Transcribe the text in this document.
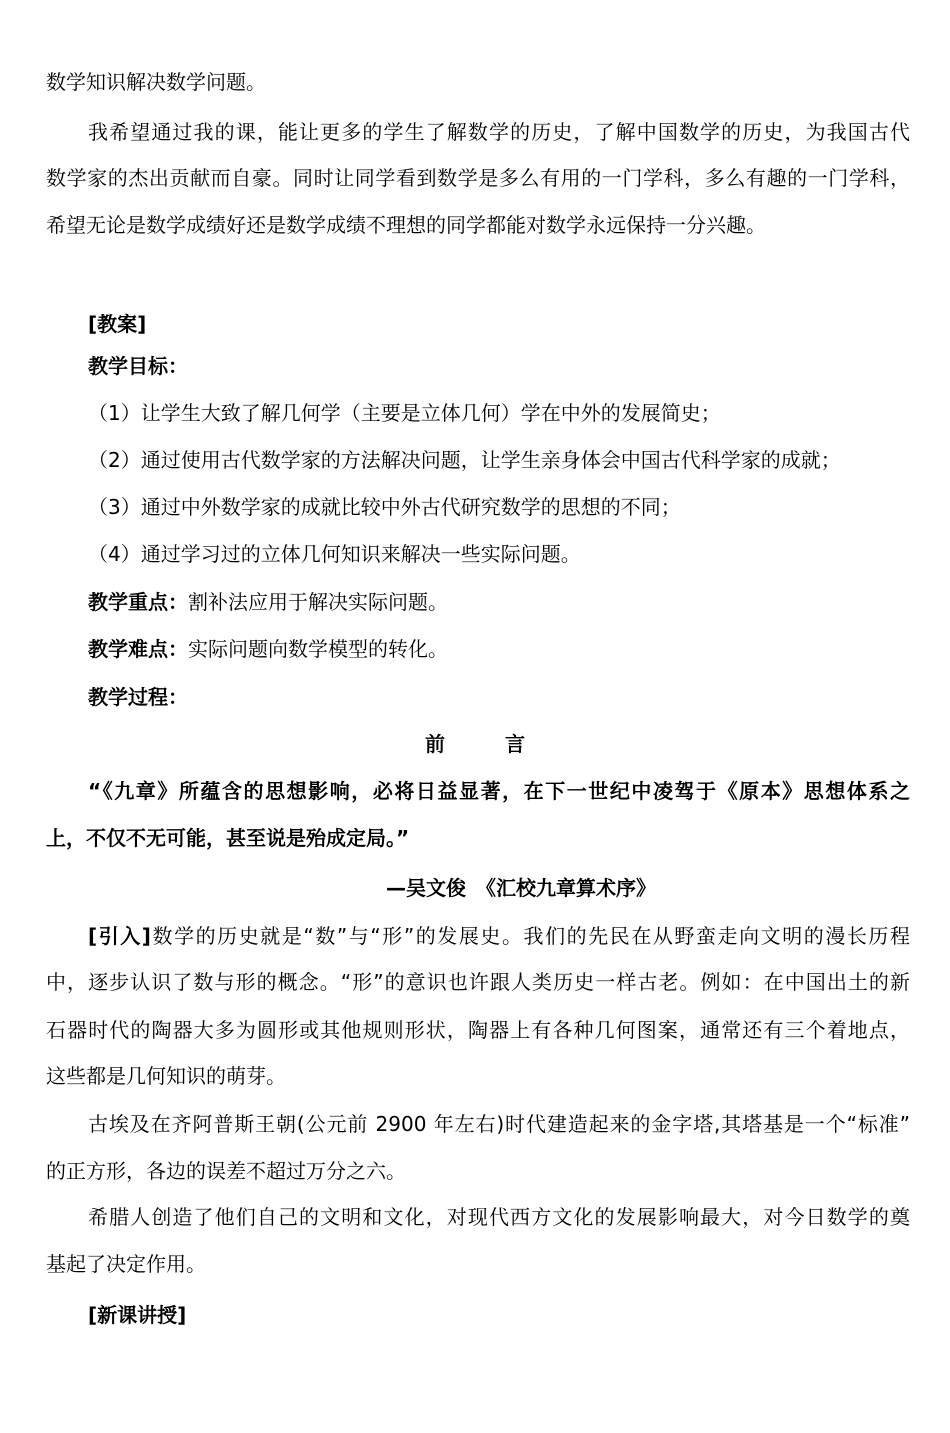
数学知识解决数学问题。
我希望通过我的课，能让更多的学生了解数学的历史，了解中国数学的历史，为我国古代
数学家的杰出贡献而自豪。同时让同学看到数学是多么有用的一门学科，多么有趣的一门学科，
希望无论是数学成绩好还是数学成绩不理想的同学都能对数学永远保持一分兴趣。
[教案]
教学目标：
（1）让学生大致了解几何学（主要是立体几何）学在中外的发展简史；
（2）通过使用古代数学家的方法解决问题，让学生亲身体会中国古代科学家的成就；
（3）通过中外数学家的成就比较中外古代研究数学的思想的不同；
（4）通过学习过的立体几何知识来解决一些实际问题。
教学重点：割补法应用于解决实际问题。
教学难点：实际问题向数学模型的转化。
教学过程：
前　　　言
“《九章》所蕴含的思想影响，必将日益显著，在下一世纪中凌驾于《原本》思想体系之
上，不仅不无可能，甚至说是殆成定局。”
—吴文俊　《汇校九章算术序》
[引入]数学的历史就是“数”与“形”的发展史。我们的先民在从野蛮走向文明的漫长历程
中，逐步认识了数与形的概念。“形”的意识也许跟人类历史一样古老。例如：在中国出土的新
石器时代的陶器大多为圆形或其他规则形状，陶器上有各种几何图案，通常还有三个着地点，
这些都是几何知识的萌芽。
古埃及在齐阿普斯王朝(公元前 2900 年左右)时代建造起来的金字塔,其塔基是一个“标准”
的正方形，各边的误差不超过万分之六。
希腊人创造了他们自己的文明和文化，对现代西方文化的发展影响最大，对今日数学的奠
基起了决定作用。
[新课讲授]
